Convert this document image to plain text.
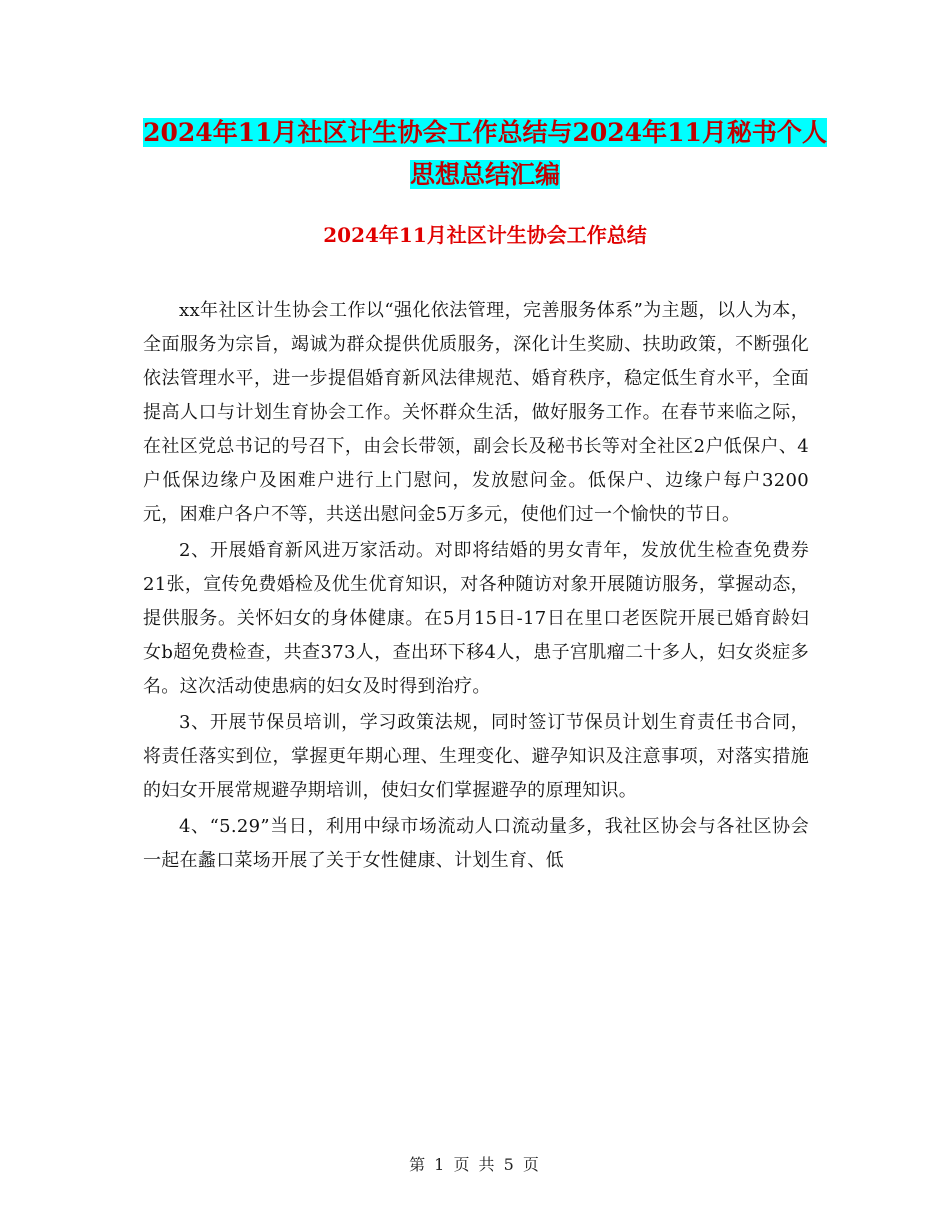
2024年11月社区计生协会工作总结与2024年11月秘书个人思想总结汇编
2024年11月社区计生协会工作总结

xx年社区计生协会工作以“强化依法管理，完善服务体系”为主题，以人为本，全面服务为宗旨，竭诚为群众提供优质服务，深化计生奖励、扶助政策，不断强化依法管理水平，进一步提倡婚育新风法律规范、婚育秩序，稳定低生育水平，全面提高人口与计划生育协会工作。关怀群众生活，做好服务工作。在春节来临之际，在社区党总书记的号召下，由会长带领，副会长及秘书长等对全社区2户低保户、4户低保边缘户及困难户进行上门慰问，发放慰问金。低保户、边缘户每户3200元，困难户各户不等，共送出慰问金5万多元，使他们过一个愉快的节日。

2、开展婚育新风进万家活动。对即将结婚的男女青年，发放优生检查免费券21张，宣传免费婚检及优生优育知识，对各种随访对象开展随访服务，掌握动态，提供服务。关怀妇女的身体健康。在5月15日-17日在里口老医院开展已婚育龄妇女b超免费检查，共查373人，查出环下移4人，患子宫肌瘤二十多人，妇女炎症多名。这次活动使患病的妇女及时得到治疗。

3、开展节保员培训，学习政策法规，同时签订节保员计划生育责任书合同，将责任落实到位，掌握更年期心理、生理变化、避孕知识及注意事项，对落实措施的妇女开展常规避孕期培训，使妇女们掌握避孕的原理知识。

4、“5.29”当日，利用中绿市场流动人口流动量多，我社区协会与各社区协会一起在蠡口菜场开展了关于女性健康、计划生育、低

第 1 页 共 5 页
